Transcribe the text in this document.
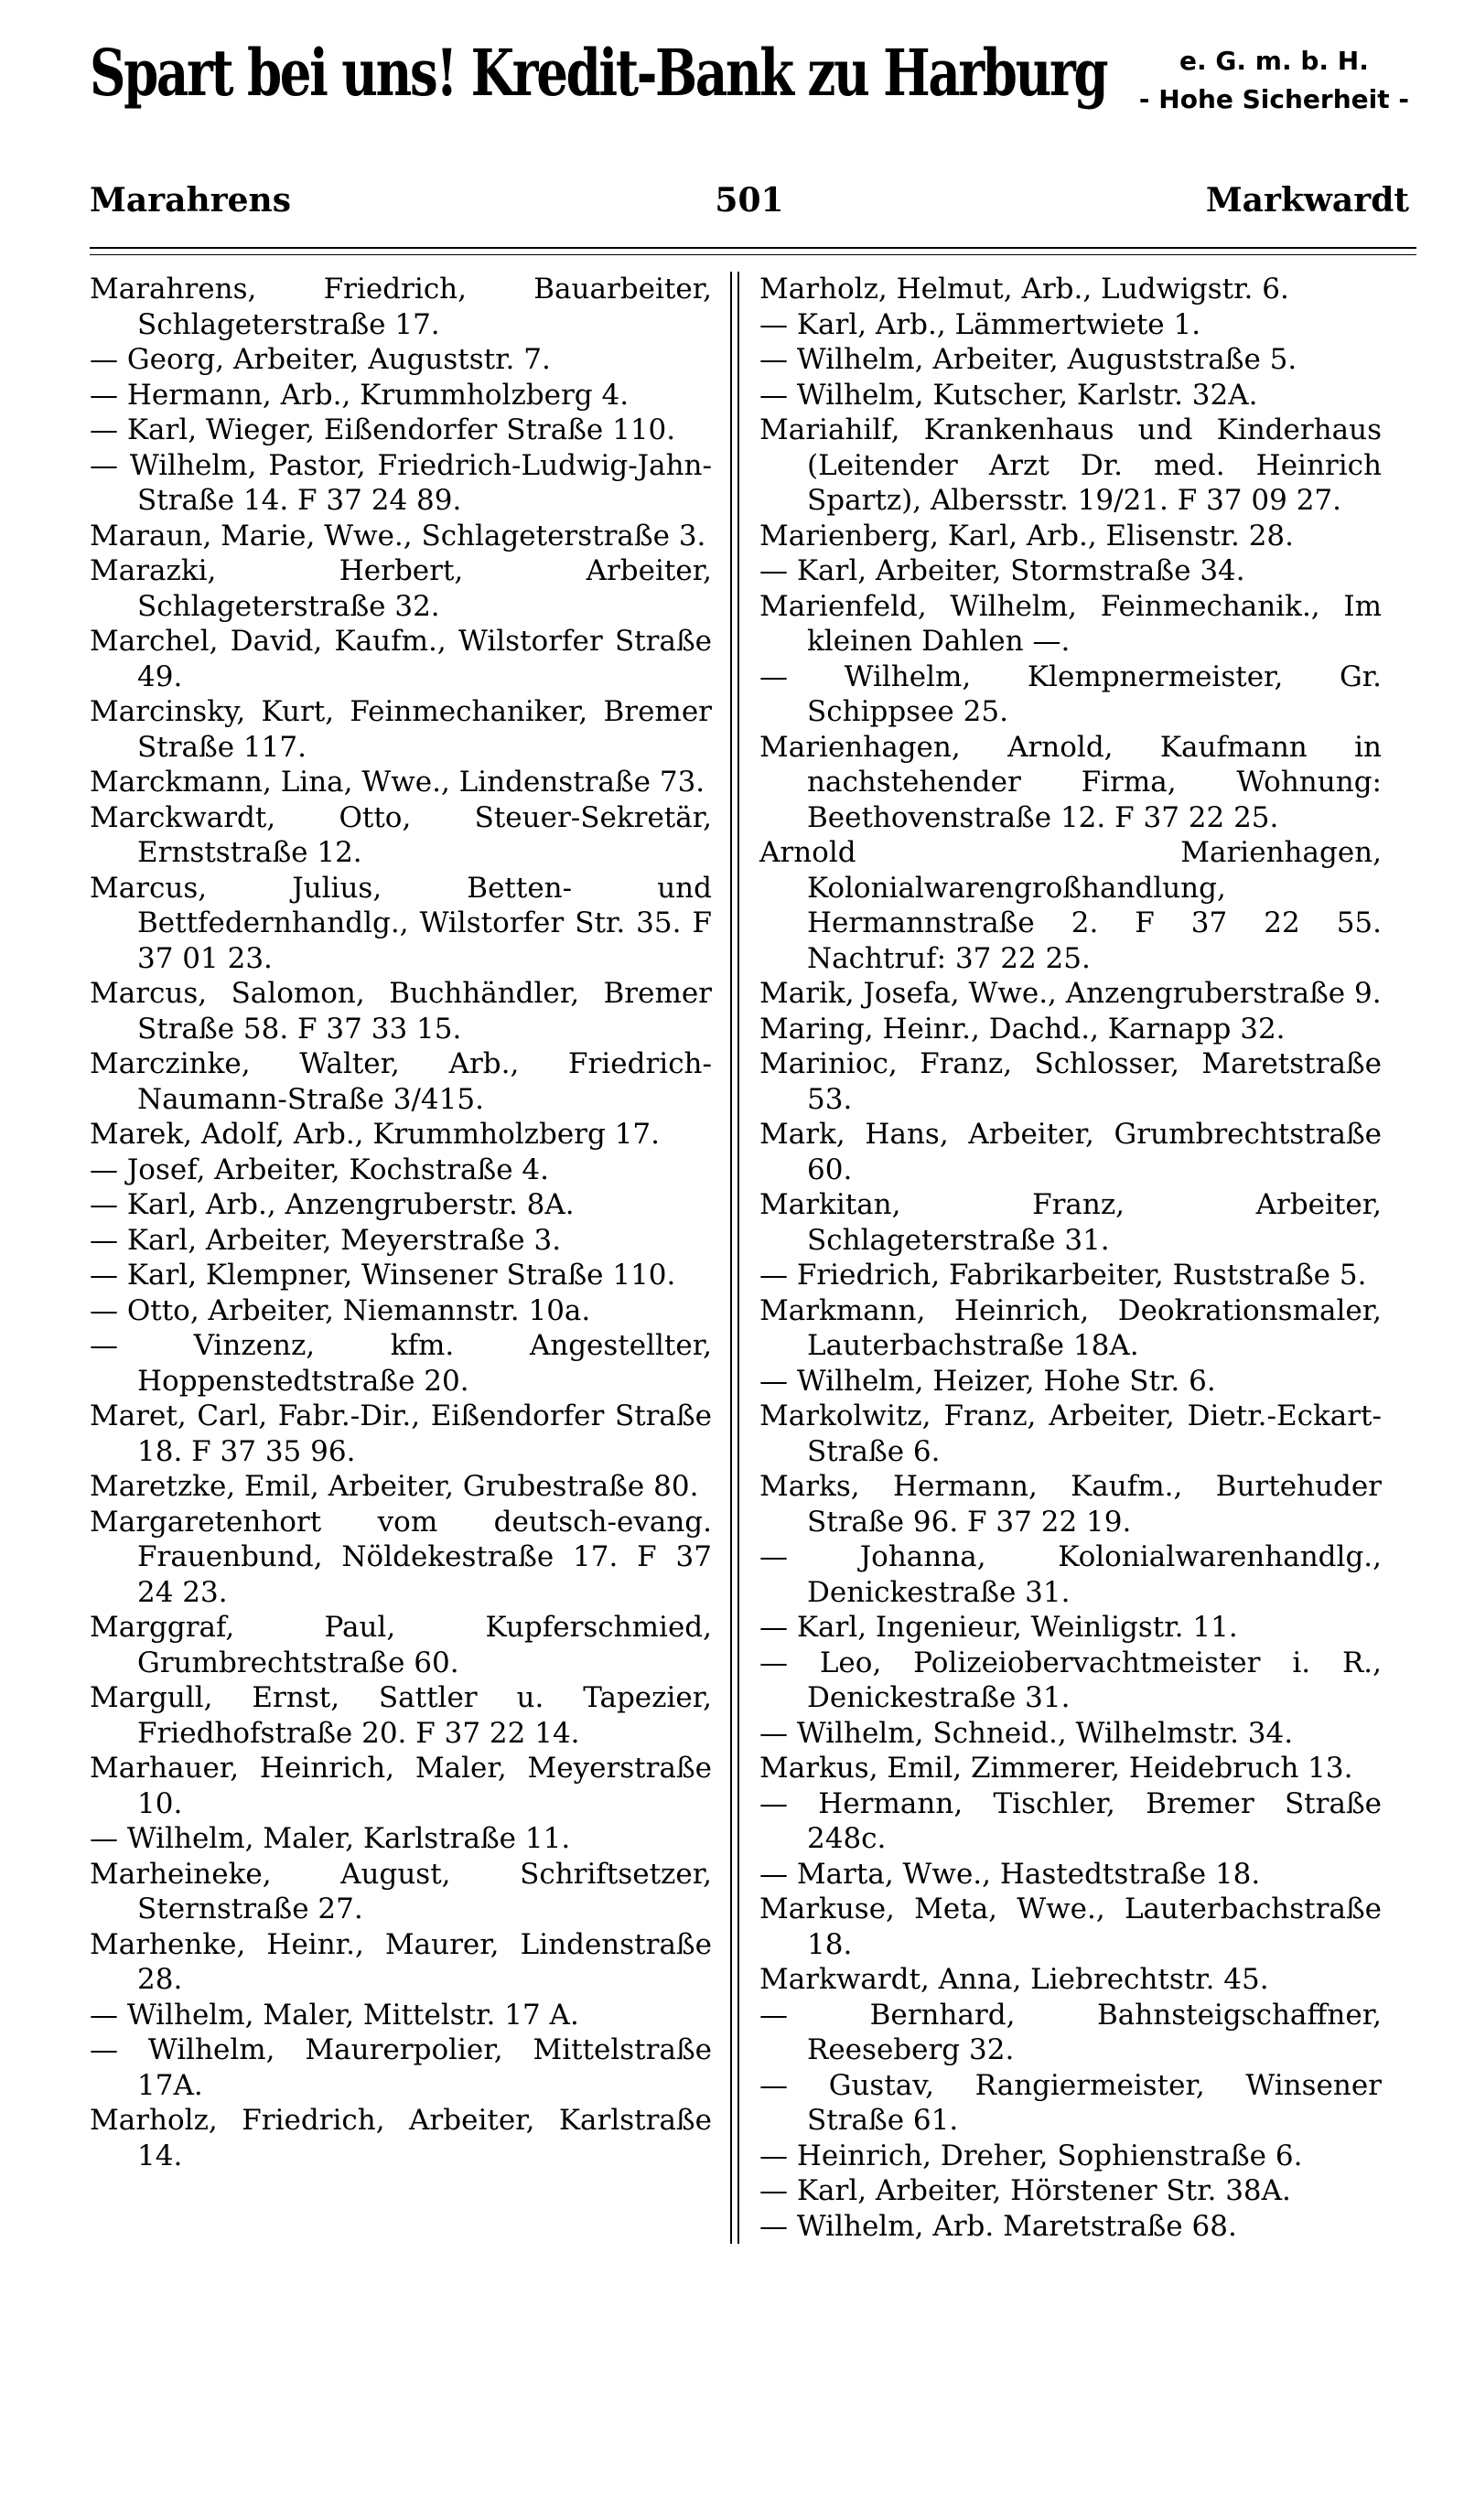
Spart bei uns! Kredit-Bank zu Harburg	e. G. m. b. H.
- Hohe Sicherheit -
Marahrens	501	Markwardt
Marahrens, Friedrich, Bauarbeiter, Schlageterstraße 17.
— Georg, Arbeiter, Auguststr. 7.
— Hermann, Arb., Krummholzberg 4.
— Karl, Wieger, Eißendorfer Straße 110.
— Wilhelm, Pastor, Friedrich-Ludwig-Jahn-Straße 14. F 37 24 89.
Maraun, Marie, Wwe., Schlageterstraße 3.
Marazki, Herbert, Arbeiter, Schlageterstraße 32.
Marchel, David, Kaufm., Wilstorfer Straße 49.
Marcinsky, Kurt, Feinmechaniker, Bremer Straße 117.
Marckmann, Lina, Wwe., Lindenstraße 73.
Marckwardt, Otto, Steuer-Sekretär, Ernststraße 12.
Marcus, Julius, Betten- und Bettfedernhandlg., Wilstorfer Str. 35. F 37 01 23.
Marcus, Salomon, Buchhändler, Bremer Straße 58. F 37 33 15.
Marczinke, Walter, Arb., Friedrich-Naumann-Straße 3/415.
Marek, Adolf, Arb., Krummholzberg 17.
— Josef, Arbeiter, Kochstraße 4.
— Karl, Arb., Anzengruberstr. 8A.
— Karl, Arbeiter, Meyerstraße 3.
— Karl, Klempner, Winsener Straße 110.
— Otto, Arbeiter, Niemannstr. 10a.
— Vinzenz, kfm. Angestellter, Hoppenstedtstraße 20.
Maret, Carl, Fabr.-Dir., Eißendorfer Straße 18. F 37 35 96.
Maretzke, Emil, Arbeiter, Grubestraße 80.
Margaretenhort vom deutsch-evang. Frauenbund, Nöldekestraße 17. F 37 24 23.
Marggraf, Paul, Kupferschmied, Grumbrechtstraße 60.
Margull, Ernst, Sattler u. Tapezier, Friedhofstraße 20. F 37 22 14.
Marhauer, Heinrich, Maler, Meyerstraße 10.
— Wilhelm, Maler, Karlstraße 11.
Marheineke, August, Schriftsetzer, Sternstraße 27.
Marhenke, Heinr., Maurer, Lindenstraße 28.
— Wilhelm, Maler, Mittelstr. 17 A.
— Wilhelm, Maurerpolier, Mittelstraße 17A.
Marholz, Friedrich, Arbeiter, Karlstraße 14.
Marholz, Helmut, Arb., Ludwigstr. 6.
— Karl, Arb., Lämmertwiete 1.
— Wilhelm, Arbeiter, Auguststraße 5.
— Wilhelm, Kutscher, Karlstr. 32A.
Mariahilf, Krankenhaus und Kinderhaus (Leitender Arzt Dr. med. Heinrich Spartz), Albersstr. 19/21. F 37 09 27.
Marienberg, Karl, Arb., Elisenstr. 28.
— Karl, Arbeiter, Stormstraße 34.
Marienfeld, Wilhelm, Feinmechanik., Im kleinen Dahlen —.
— Wilhelm, Klempnermeister, Gr. Schippsee 25.
Marienhagen, Arnold, Kaufmann in nachstehender Firma, Wohnung: Beethovenstraße 12. F 37 22 25.
Arnold Marienhagen, Kolonialwarengroßhandlung, Hermannstraße 2. F 37 22 55. Nachtruf: 37 22 25.
Marik, Josefa, Wwe., Anzengruberstraße 9.
Maring, Heinr., Dachd., Karnapp 32.
Marinioc, Franz, Schlosser, Maretstraße 53.
Mark, Hans, Arbeiter, Grumbrechtstraße 60.
Markitan, Franz, Arbeiter, Schlageterstraße 31.
— Friedrich, Fabrikarbeiter, Ruststraße 5.
Markmann, Heinrich, Deokrationsmaler, Lauterbachstraße 18A.
— Wilhelm, Heizer, Hohe Str. 6.
Markolwitz, Franz, Arbeiter, Dietr.-Eckart-Straße 6.
Marks, Hermann, Kaufm., Burtehuder Straße 96. F 37 22 19.
— Johanna, Kolonialwarenhandlg., Denickestraße 31.
— Karl, Ingenieur, Weinligstr. 11.
— Leo, Polizeiobervachtmeister i. R., Denickestraße 31.
— Wilhelm, Schneid., Wilhelmstr. 34.
Markus, Emil, Zimmerer, Heidebruch 13.
— Hermann, Tischler, Bremer Straße 248c.
— Marta, Wwe., Hastedtstraße 18.
Markuse, Meta, Wwe., Lauterbachstraße 18.
Markwardt, Anna, Liebrechtstr. 45.
— Bernhard, Bahnsteigschaffner, Reeseberg 32.
— Gustav, Rangiermeister, Winsener Straße 61.
— Heinrich, Dreher, Sophienstraße 6.
— Karl, Arbeiter, Hörstener Str. 38A.
— Wilhelm, Arb. Maretstraße 68.
